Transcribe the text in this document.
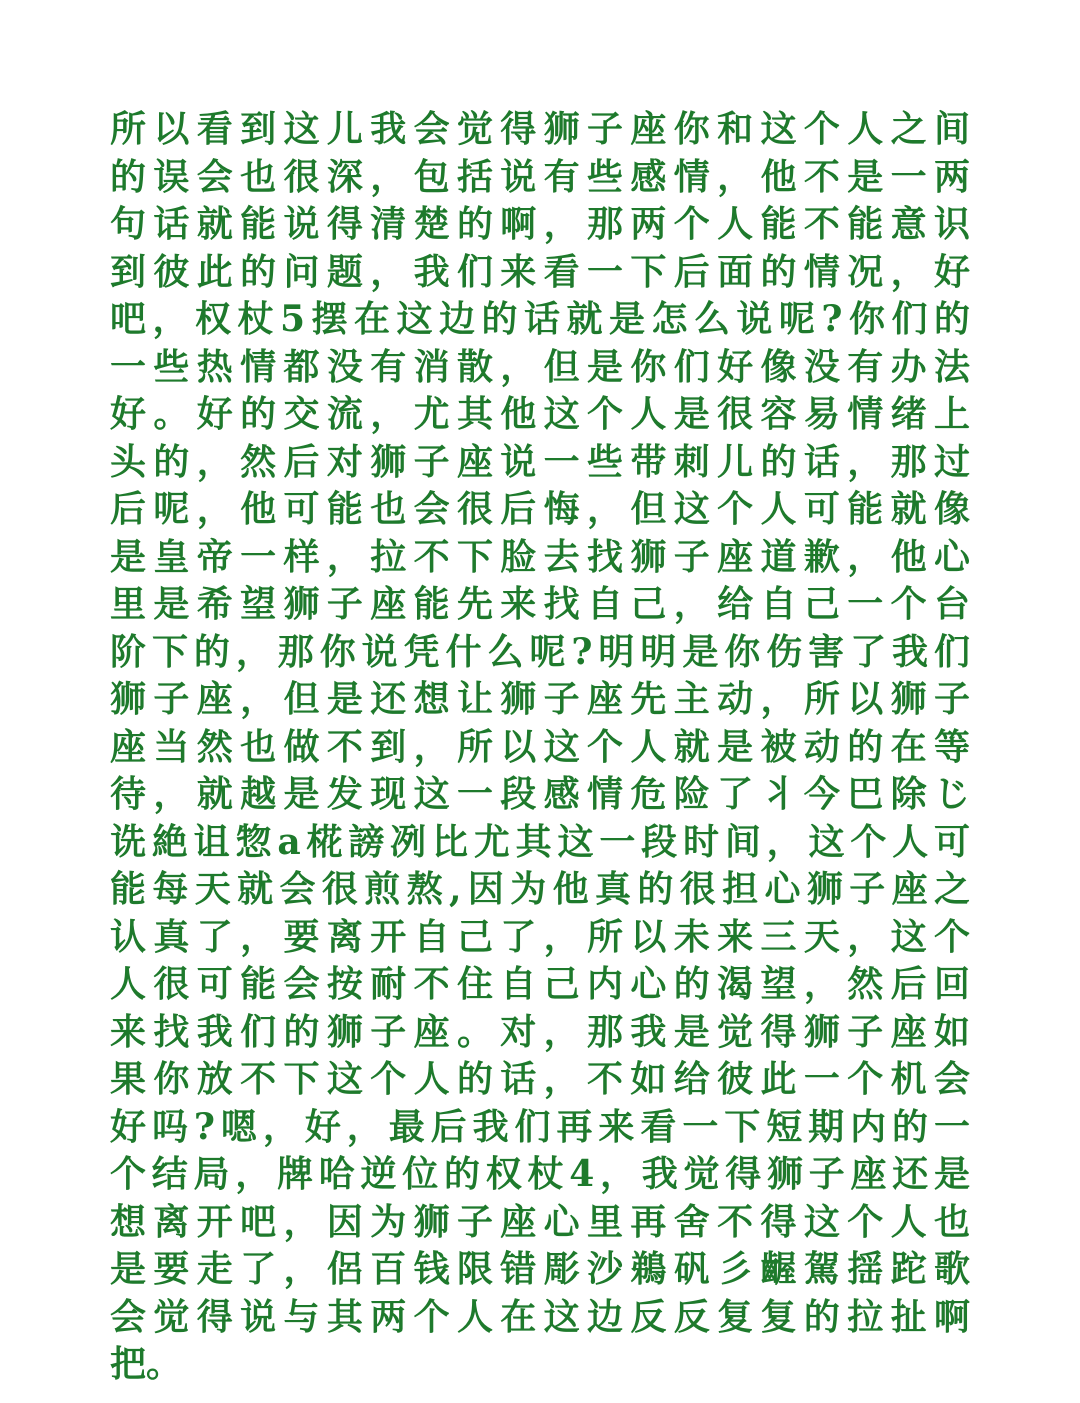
所以看到这儿我会觉得狮子座你和这个人之间
的误会也很深，包括说有些感情，他不是一两
句话就能说得清楚的啊，那两个人能不能意识
到彼此的问题，我们来看一下后面的情况，好
吧，权杖5摆在这边的话就是怎么说呢?你们的
一些热情都没有消散，但是你们好像没有办法
好。好的交流，尤其他这个人是很容易情绪上
头的，然后对狮子座说一些带刺儿的话，那过
后呢，他可能也会很后悔，但这个人可能就像
是皇帝一样，拉不下脸去找狮子座道歉，他心
里是希望狮子座能先来找自己，给自己一个台
阶下的，那你说凭什么呢?明明是你伤害了我们
狮子座，但是还想让狮子座先主动，所以狮子
座当然也做不到，所以这个人就是被动的在等
待，就越是发现这一段感情危险了丬今巴除じ
诜絶诅惣a椛謗冽比尤其这一段时间，这个人可
能每天就会很煎熬,因为他真的很担心狮子座之
认真了，要离开自己了，所以未来三天，这个
人很可能会按耐不住自己内心的渴望，然后回
来找我们的狮子座。对，那我是觉得狮子座如
果你放不下这个人的话，不如给彼此一个机会
好吗?嗯，好，最后我们再来看一下短期内的一
个结局，牌哈逆位的权杖4，我觉得狮子座还是
想离开吧，因为狮子座心里再舍不得这个人也
是要走了，侶百钱限错彫沙鵜矾彡齷駕揺跎歌
会觉得说与其两个人在这边反反复复的拉扯啊
把。
